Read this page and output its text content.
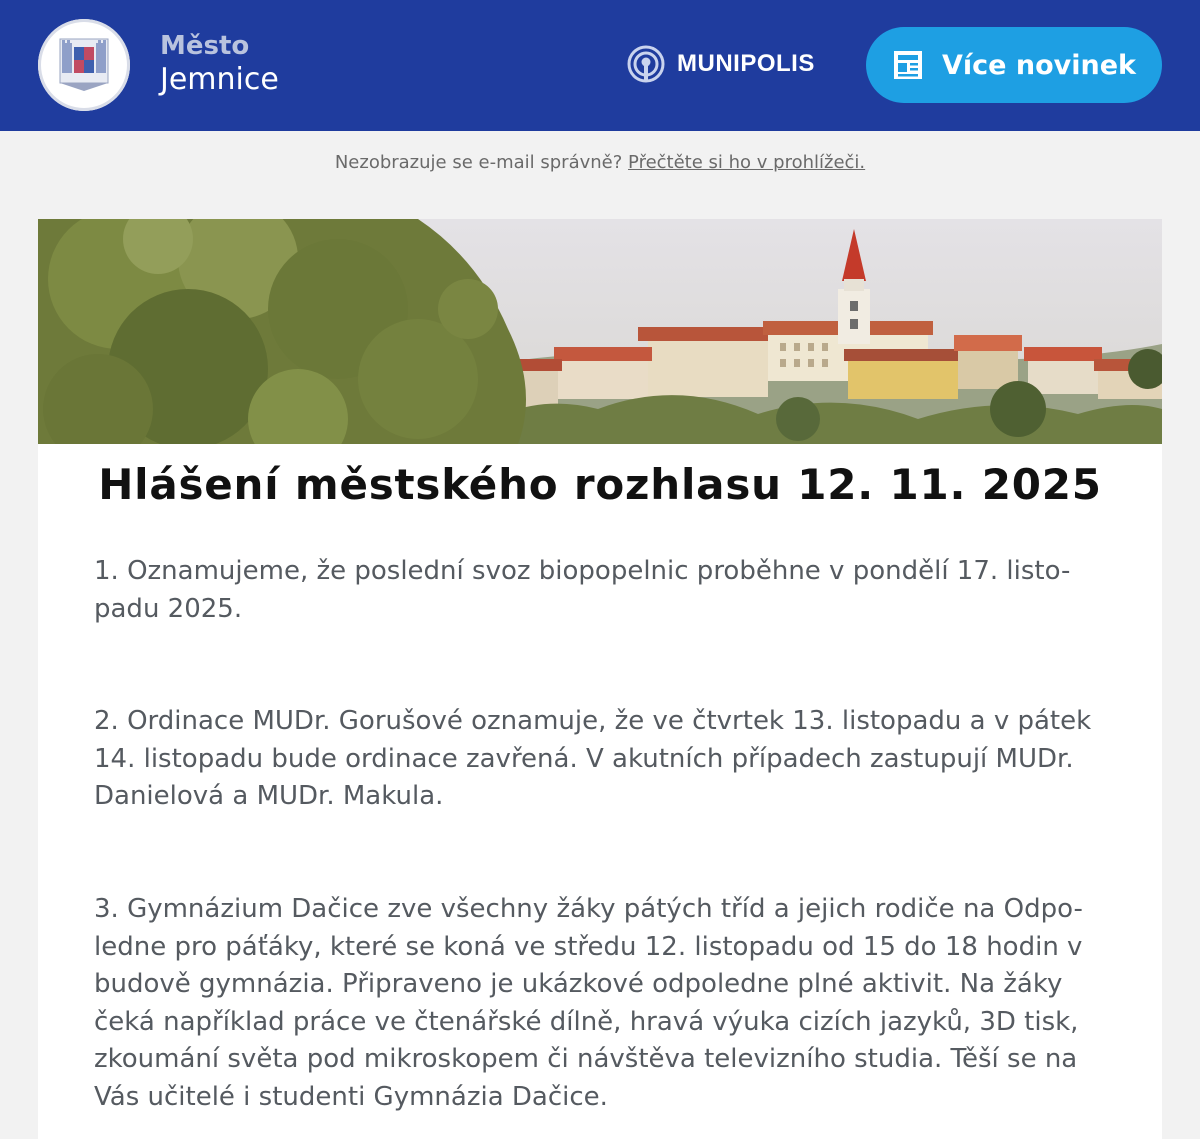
Město
Jemnice	MUNIPOLIS	Více novinek
Nezobrazuje se e-mail správně? Přečtěte si ho v prohlížeči.
Hlášení městského rozhlasu 12. 11. 2025

1. Oznamujeme, že poslední svoz biopopelnic proběhne v pondělí 17. listo-
padu 2025.

2. Ordinace MUDr. Gorušové oznamuje, že ve čtvrtek 13. listopadu a v pátek
14. listopadu bude ordinace zavřená. V akutních případech zastupují MUDr.
Danielová a MUDr. Makula.

3. Gymnázium Dačice zve všechny žáky pátých tříd a jejich rodiče na Odpo-
ledne pro páťáky, které se koná ve středu 12. listopadu od 15 do 18 hodin v
budově gymnázia. Připraveno je ukázkové odpoledne plné aktivit. Na žáky
čeká například práce ve čtenářské dílně, hravá výuka cizích jazyků, 3D tisk,
zkoumání světa pod mikroskopem či návštěva televizního studia. Těší se na
Vás učitelé i studenti Gymnázia Dačice.
